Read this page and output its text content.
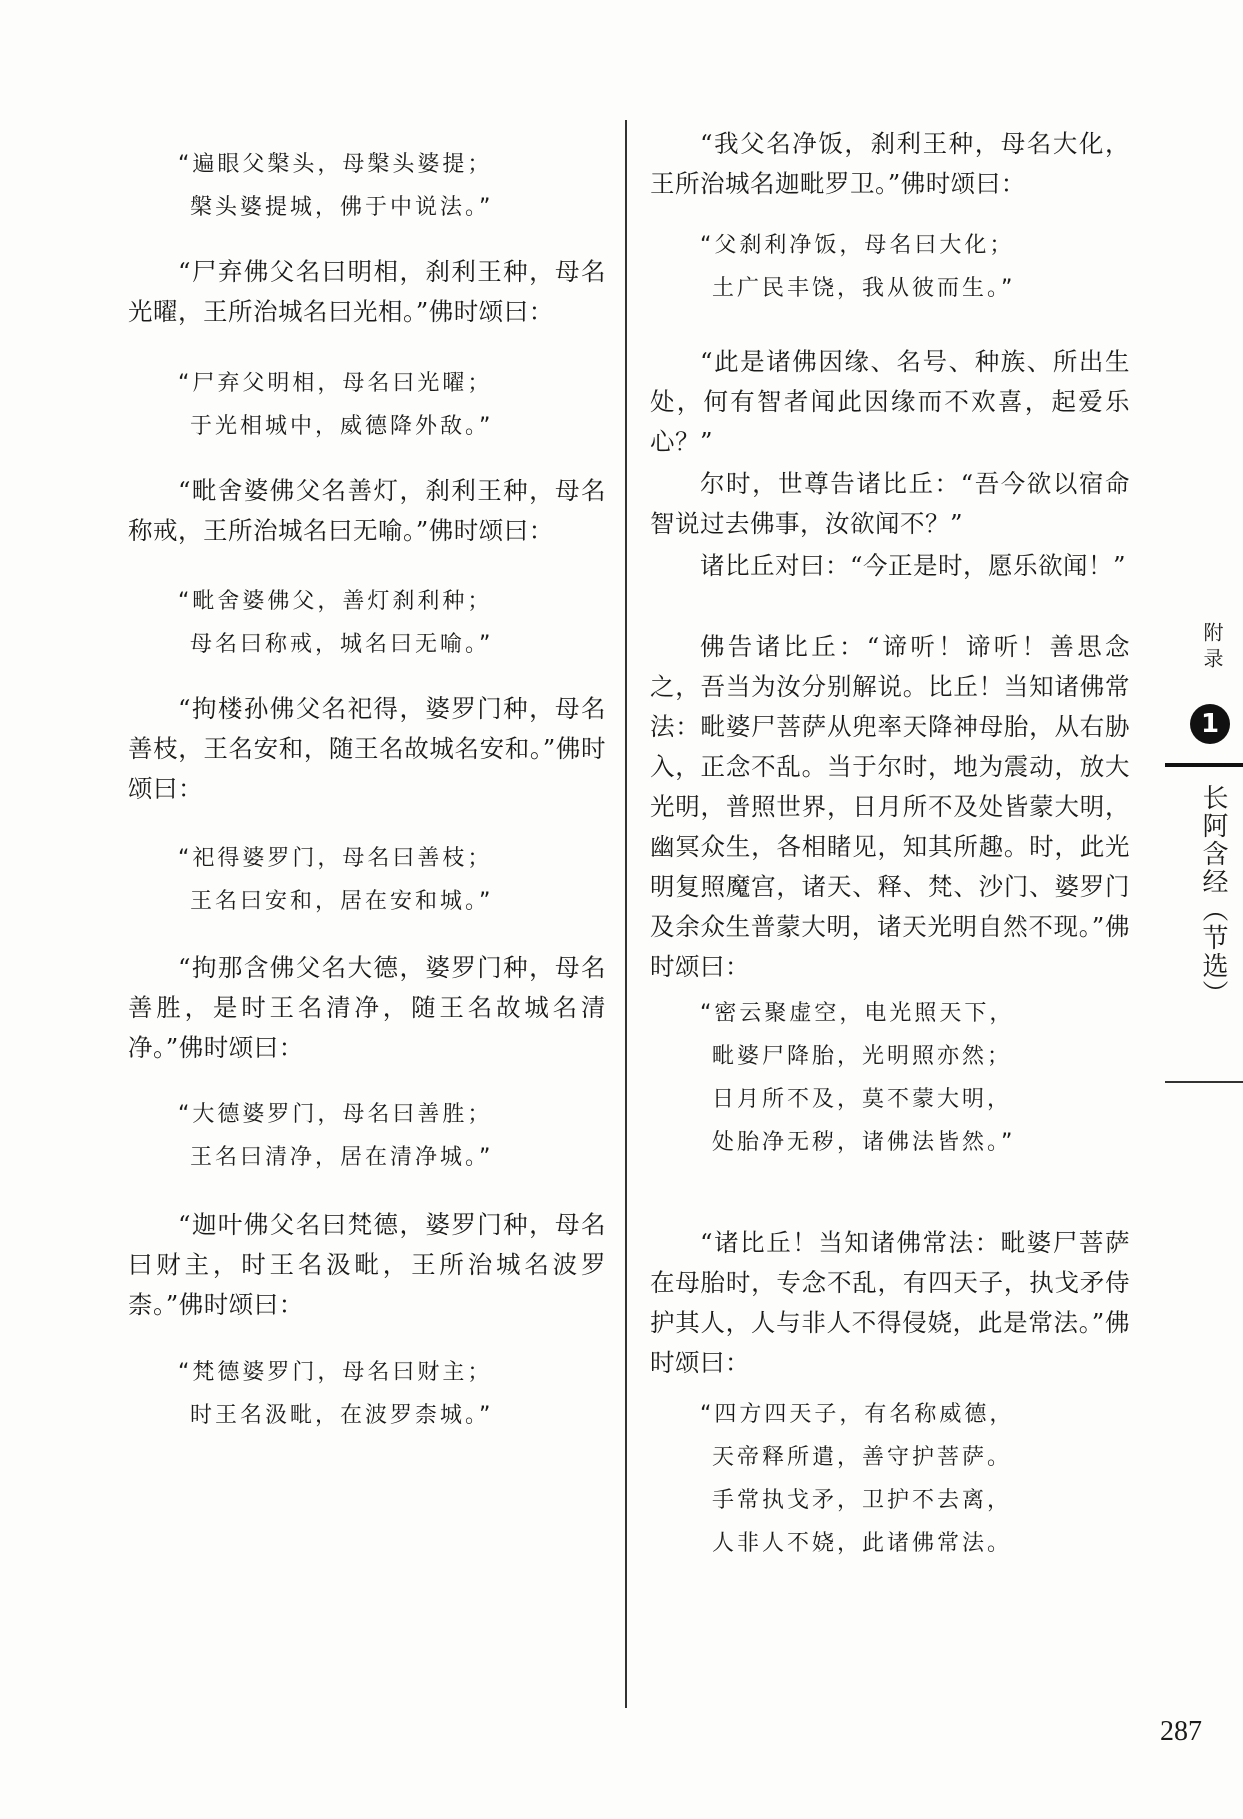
“遍眼父槃头，母槃头婆提；
槃头婆提城，佛于中说法。”

“尸弃佛父名曰明相，刹利王种，母名光曜，王所治城名曰光相。”佛时颂曰：

“尸弃父明相，母名曰光曜；
于光相城中，威德降外敌。”

“毗舍婆佛父名善灯，刹利王种，母名称戒，王所治城名曰无喻。”佛时颂曰：

“毗舍婆佛父，善灯刹利种；
母名曰称戒，城名曰无喻。”

“拘楼孙佛父名祀得，婆罗门种，母名善枝，王名安和，随王名故城名安和。”佛时颂曰：

“祀得婆罗门，母名曰善枝；
王名曰安和，居在安和城。”

“拘那含佛父名大德，婆罗门种，母名善胜，是时王名清净，随王名故城名清净。”佛时颂曰：

“大德婆罗门，母名曰善胜；
王名曰清净，居在清净城。”

“迦叶佛父名曰梵德，婆罗门种，母名曰财主，时王名汲毗，王所治城名波罗柰。”佛时颂曰：

“梵德婆罗门，母名曰财主；
时王名汲毗，在波罗柰城。”

“我父名净饭，刹利王种，母名大化，王所治城名迦毗罗卫。”佛时颂曰：

“父刹利净饭，母名曰大化；
土广民丰饶，我从彼而生。”

“此是诸佛因缘、名号、种族、所出生处，何有智者闻此因缘而不欢喜，起爱乐心？”

尔时，世尊告诸比丘：“吾今欲以宿命智说过去佛事，汝欲闻不？”

诸比丘对曰：“今正是时，愿乐欲闻！”

佛告诸比丘：“谛听！谛听！善思念之，吾当为汝分别解说。比丘！当知诸佛常法：毗婆尸菩萨从兜率天降神母胎，从右胁入，正念不乱。当于尔时，地为震动，放大光明，普照世界，日月所不及处皆蒙大明，幽冥众生，各相睹见，知其所趣。时，此光明复照魔宫，诸天、释、梵、沙门、婆罗门及余众生普蒙大明，诸天光明自然不现。”佛时颂曰：

“密云聚虚空，电光照天下，
毗婆尸降胎，光明照亦然；
日月所不及，莫不蒙大明，
处胎净无秽，诸佛法皆然。”

“诸比丘！当知诸佛常法：毗婆尸菩萨在母胎时，专念不乱，有四天子，执戈矛侍护其人，人与非人不得侵娆，此是常法。”佛时颂曰：

“四方四天子，有名称威德，
天帝释所遣，善守护菩萨。
手常执戈矛，卫护不去离，
人非人不娆，此诸佛常法。
附录
1
长阿含经（节选）
287
